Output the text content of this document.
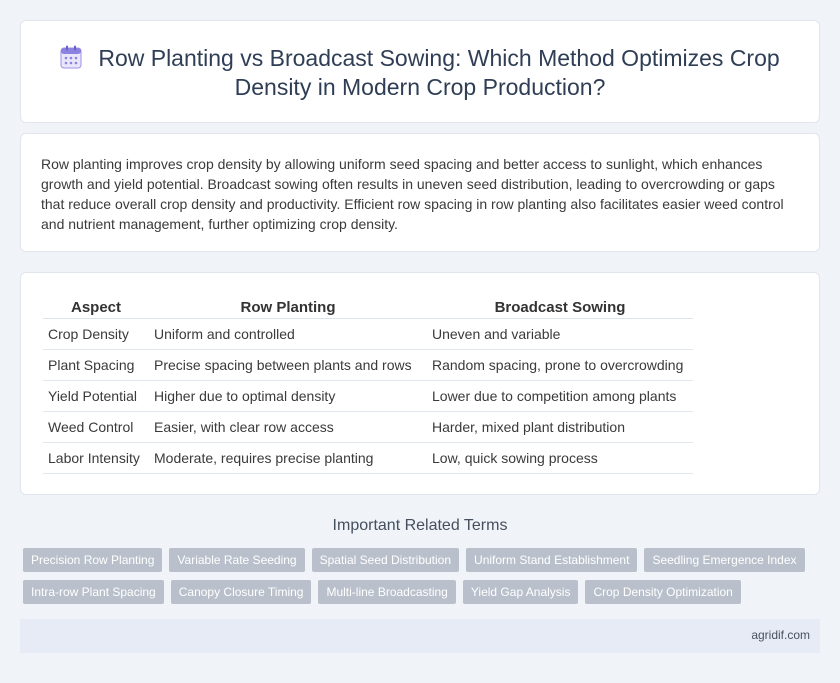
Row Planting vs Broadcast Sowing: Which Method Optimizes Crop Density in Modern Crop Production?

Row planting improves crop density by allowing uniform seed spacing and better access to sunlight, which enhances growth and yield potential. Broadcast sowing often results in uneven seed distribution, leading to overcrowding or gaps that reduce overall crop density and productivity. Efficient row spacing in row planting also facilitates easier weed control and nutrient management, further optimizing crop density.

Aspect	Row Planting	Broadcast Sowing
Crop Density	Uniform and controlled	Uneven and variable
Plant Spacing	Precise spacing between plants and rows	Random spacing, prone to overcrowding
Yield Potential	Higher due to optimal density	Lower due to competition among plants
Weed Control	Easier, with clear row access	Harder, mixed plant distribution
Labor Intensity	Moderate, requires precise planting	Low, quick sowing process
Important Related Terms
Precision Row Planting	Variable Rate Seeding	Spatial Seed Distribution	Uniform Stand Establishment	Seedling Emergence Index
Intra-row Plant Spacing	Canopy Closure Timing	Multi-line Broadcasting	Yield Gap Analysis	Crop Density Optimization
agridif.com
